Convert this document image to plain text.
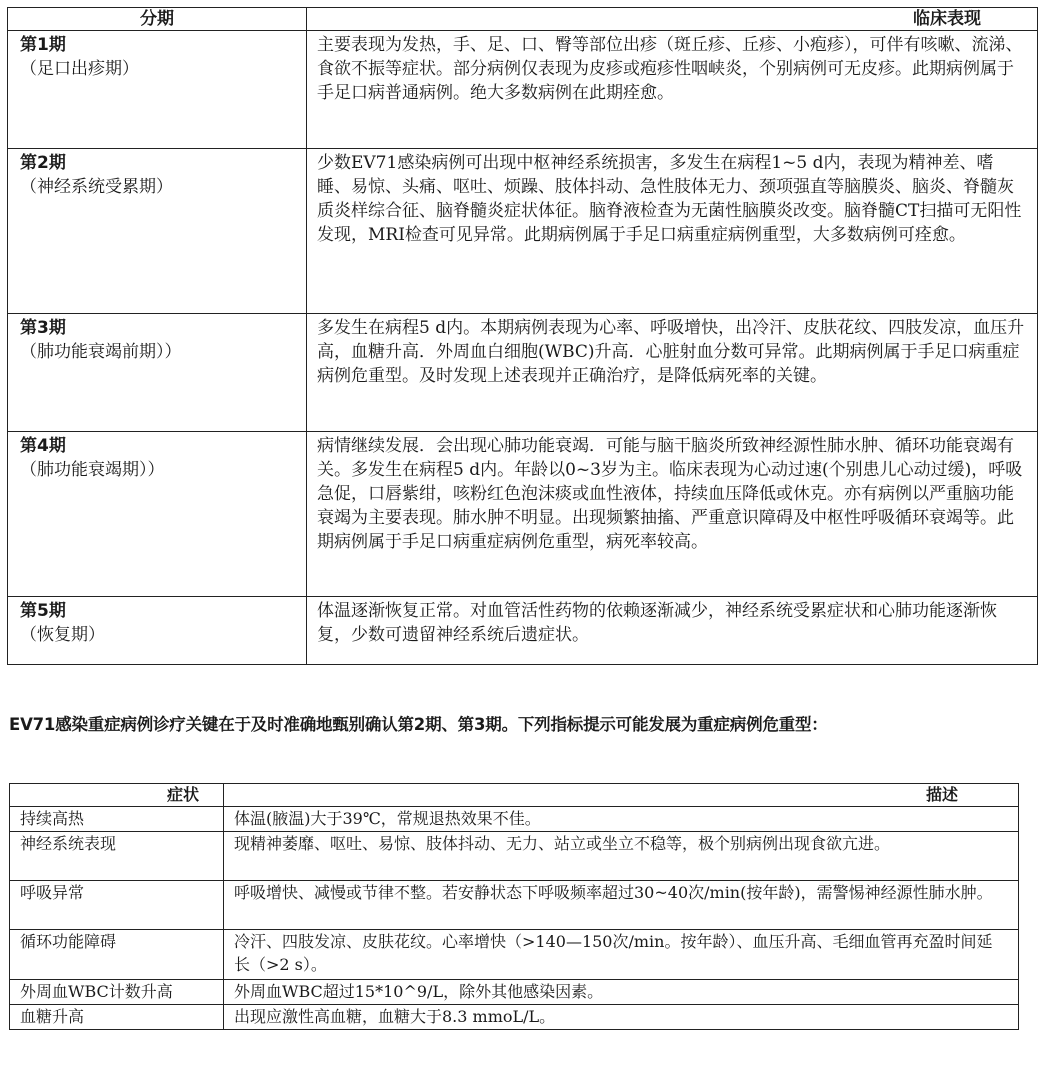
分期	临床表现

第1期
（足口出疹期）	主要表现为发热，手、足、口、臀等部位出疹（斑丘疹、丘疹、小疱疹），可伴有咳嗽、流涕、食欲不振等症状。部分病例仅表现为皮疹或疱疹性咽峡炎，个别病例可无皮疹。此期病例属于手足口病普通病例。绝大多数病例在此期痊愈。

第2期
（神经系统受累期）	少数EV71感染病例可出现中枢神经系统损害，多发生在病程1~5 d内，表现为精神差、嗜睡、易惊、头痛、呕吐、烦躁、肢体抖动、急性肢体无力、颈项强直等脑膜炎、脑炎、脊髓灰质炎样综合征、脑脊髓炎症状体征。脑脊液检查为无菌性脑膜炎改变。脑脊髓CT扫描可无阳性发现，MRI检查可见异常。此期病例属于手足口病重症病例重型，大多数病例可痊愈。

第3期
（肺功能衰竭前期））	多发生在病程5 d内。本期病例表现为心率、呼吸增快，出冷汗、皮肤花纹、四肢发凉，血压升高，血糖升高．外周血白细胞(WBC)升高．心脏射血分数可异常。此期病例属于手足口病重症病例危重型。及时发现上述表现并正确治疗，是降低病死率的关键。

第4期
（肺功能衰竭期））	病情继续发展．会出现心肺功能衰竭．可能与脑干脑炎所致神经源性肺水肿、循环功能衰竭有关。多发生在病程5 d内。年龄以0~3岁为主。临床表现为心动过速(个别患儿心动过缓)，呼吸急促，口唇紫绀，咳粉红色泡沫痰或血性液体，持续血压降低或休克。亦有病例以严重脑功能衰竭为主要表现。肺水肿不明显。出现频繁抽搐、严重意识障碍及中枢性呼吸循环衰竭等。此期病例属于手足口病重症病例危重型，病死率较高。

第5期
（恢复期）	体温逐渐恢复正常。对血管活性药物的依赖逐渐减少，神经系统受累症状和心肺功能逐渐恢复，少数可遗留神经系统后遗症状。

EV71感染重症病例诊疗关键在于及时准确地甄别确认第2期、第3期。下列指标提示可能发展为重症病例危重型：

症状	描述
持续高热	体温(腋温)大于39℃，常规退热效果不佳。
神经系统表现	现精神萎靡、呕吐、易惊、肢体抖动、无力、站立或坐立不稳等，极个别病例出现食欲亢进。
呼吸异常	呼吸增快、减慢或节律不整。若安静状态下呼吸频率超过30~40次/min(按年龄)，需警惕神经源性肺水肿。
循环功能障碍	冷汗、四肢发凉、皮肤花纹。心率增快（>140—150次/min。按年龄）、血压升高、毛细血管再充盈时间延长（>2 s）。
外周血WBC计数升高	外周血WBC超过15*10^9/L，除外其他感染因素。
血糖升高	出现应激性高血糖，血糖大于8.3 mmoL/L。
